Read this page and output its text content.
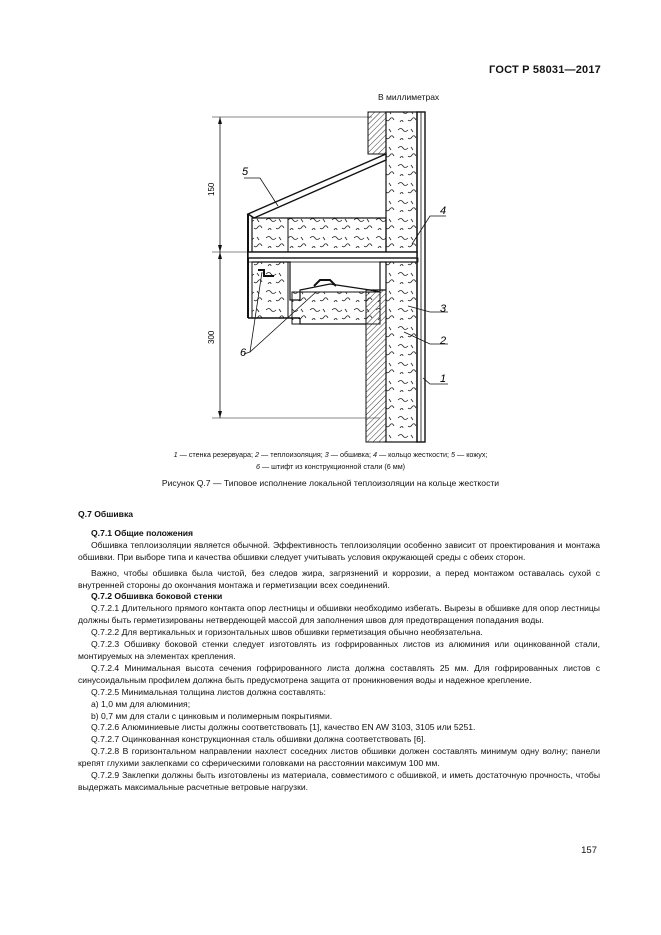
ГОСТ Р 58031—2017
В миллиметрах
150
300
5
4
3
2
1
6
1 — стенка резервуара; 2 — теплоизоляция; 3 — обшивка; 4 — кольцо жесткости; 5 — кожух;
6 — штифт из конструкционной стали (6 мм)
Рисунок Q.7 — Типовое исполнение локальной теплоизоляции на кольце жесткости

Q.7 Обшивка

Q.7.1 Общие положения

Обшивка теплоизоляции является обычной. Эффективность теплоизоляции особенно зависит от проектирования и монтажа обшивки. При выборе типа и качества обшивки следует учитывать условия окружающей среды с обеих сторон.

Важно, чтобы обшивка была чистой, без следов жира, загрязнений и коррозии, а перед монтажом оставалась сухой с внутренней стороны до окончания монтажа и герметизации всех соединений.

Q.7.2 Обшивка боковой стенки

Q.7.2.1 Длительного прямого контакта опор лестницы и обшивки необходимо избегать. Вырезы в обшивке для опор лестницы должны быть герметизированы нетвердеющей массой для заполнения швов для предотвращения попадания воды.

Q.7.2.2 Для вертикальных и горизонтальных швов обшивки герметизация обычно необязательна.

Q.7.2.3 Обшивку боковой стенки следует изготовлять из гофрированных листов из алюминия или оцинкованной стали, монтируемых на элементах крепления.

Q.7.2.4 Минимальная высота сечения гофрированного листа должна составлять 25 мм. Для гофрированных листов с синусоидальным профилем должна быть предусмотрена защита от проникновения воды и надежное крепление.

Q.7.2.5 Минимальная толщина листов должна составлять:

a) 1,0 мм для алюминия;

b) 0,7 мм для стали с цинковым и полимерным покрытиями.

Q.7.2.6 Алюминиевые листы должны соответствовать [1], качество EN AW 3103, 3105 или 5251.

Q.7.2.7 Оцинкованная конструкционная сталь обшивки должна соответствовать [6].

Q.7.2.8 В горизонтальном направлении нахлест соседних листов обшивки должен составлять минимум одну волну; панели крепят глухими заклепками со сферическими головками на расстоянии максимум 100 мм.

Q.7.2.9 Заклепки должны быть изготовлены из материала, совместимого с обшивкой, и иметь достаточную прочность, чтобы выдержать максимальные расчетные ветровые нагрузки.

157
